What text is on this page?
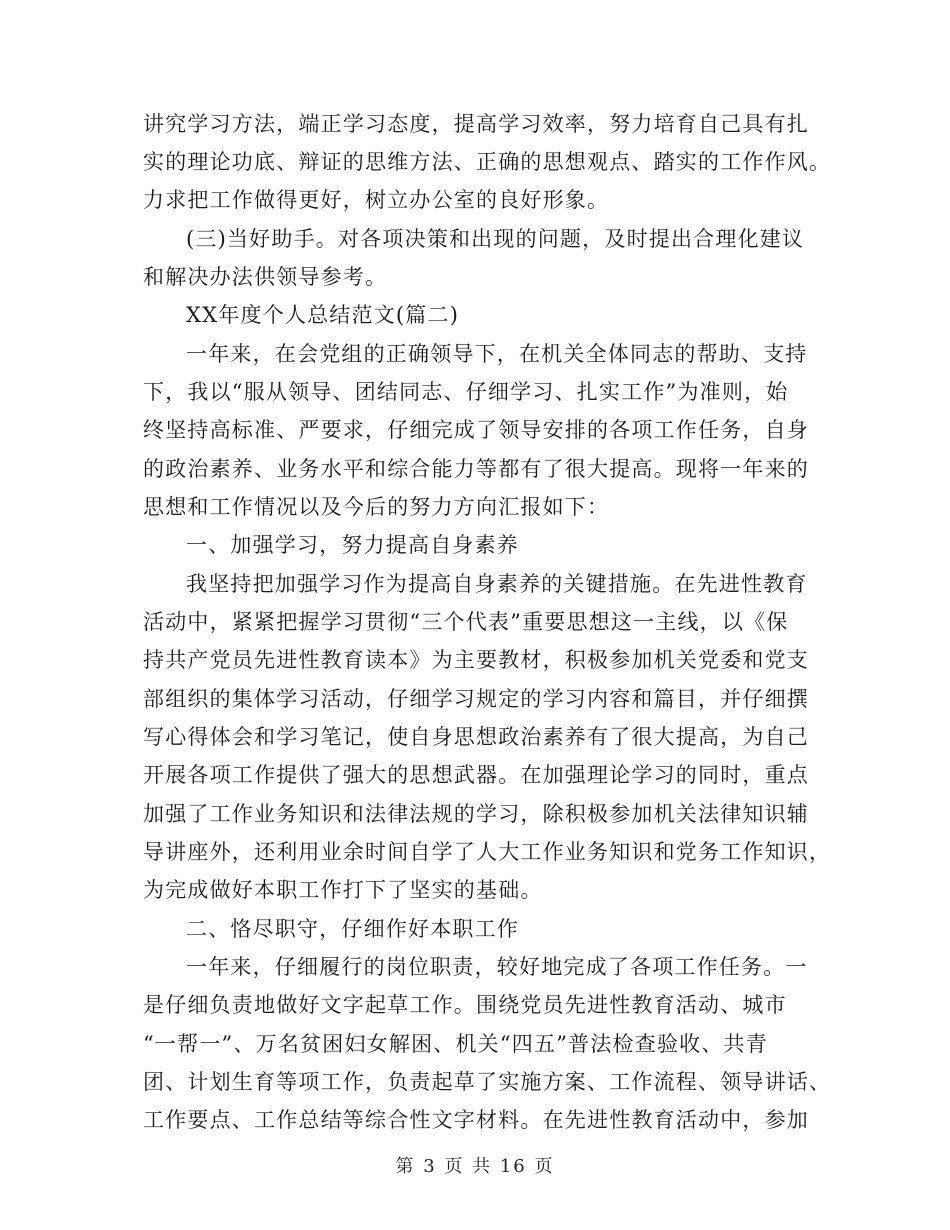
讲究学习方法，端正学习态度，提高学习效率，努力培育自己具有扎
实的理论功底、辩证的思维方法、正确的思想观点、踏实的工作作风。
力求把工作做得更好，树立办公室的良好形象。
(三)当好助手。对各项决策和出现的问题，及时提出合理化建议
和解决办法供领导参考。
XX年度个人总结范文(篇二)
一年来，在会党组的正确领导下，在机关全体同志的帮助、支持
下，我以“服从领导、团结同志、仔细学习、扎实工作”为准则，始
终坚持高标准、严要求，仔细完成了领导安排的各项工作任务，自身
的政治素养、业务水平和综合能力等都有了很大提高。现将一年来的
思想和工作情况以及今后的努力方向汇报如下：
一、加强学习，努力提高自身素养
我坚持把加强学习作为提高自身素养的关键措施。在先进性教育
活动中，紧紧把握学习贯彻“三个代表”重要思想这一主线，以《保
持共产党员先进性教育读本》为主要教材，积极参加机关党委和党支
部组织的集体学习活动，仔细学习规定的学习内容和篇目，并仔细撰
写心得体会和学习笔记，使自身思想政治素养有了很大提高，为自己
开展各项工作提供了强大的思想武器。在加强理论学习的同时，重点
加强了工作业务知识和法律法规的学习，除积极参加机关法律知识辅
导讲座外，还利用业余时间自学了人大工作业务知识和党务工作知识，
为完成做好本职工作打下了坚实的基础。
二、恪尽职守，仔细作好本职工作
一年来，仔细履行的岗位职责，较好地完成了各项工作任务。一
是仔细负责地做好文字起草工作。围绕党员先进性教育活动、城市
“一帮一”、万名贫困妇女解困、机关“四五”普法检查验收、共青
团、计划生育等项工作，负责起草了实施方案、工作流程、领导讲话、
工作要点、工作总结等综合性文字材料。在先进性教育活动中，参加
第 3 页 共 16 页
